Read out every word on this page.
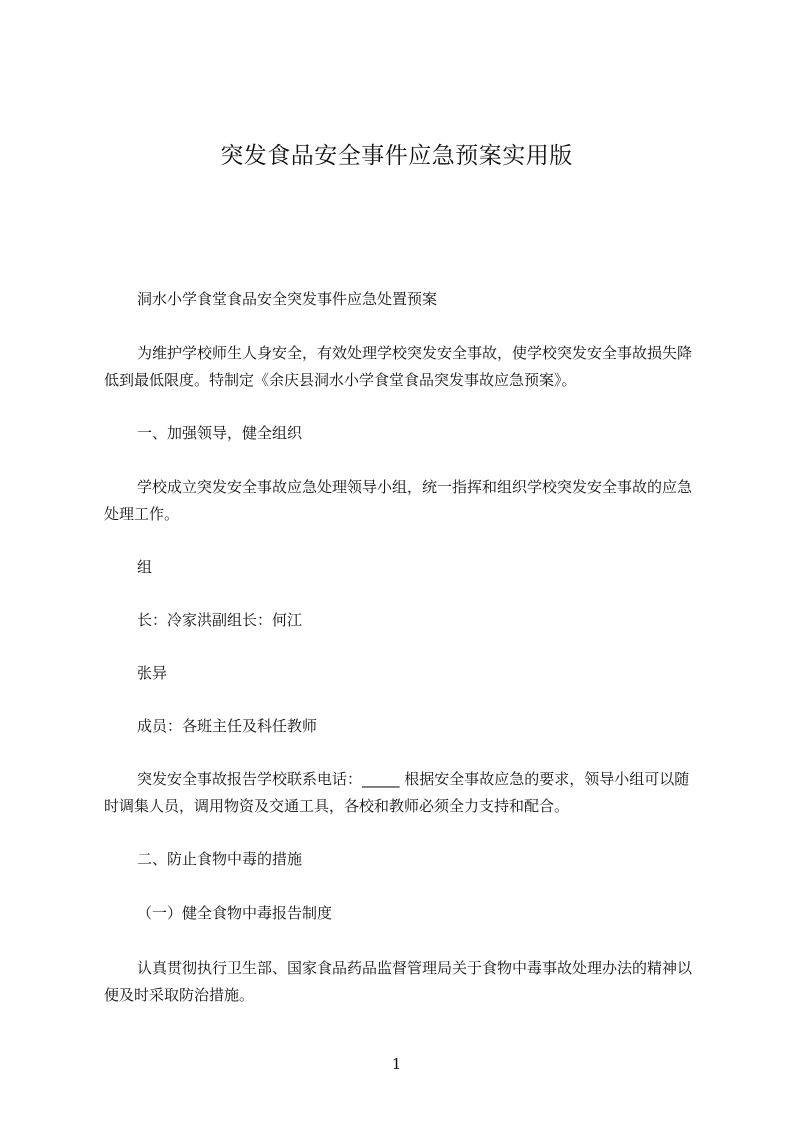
突发食品安全事件应急预案实用版

洞水小学食堂食品安全突发事件应急处置预案

为维护学校师生人身安全，有效处理学校突发安全事故，使学校突发安全事故损失降低到最低限度。特制定《余庆县洞水小学食堂食品突发事故应急预案》。

一、加强领导，健全组织

学校成立突发安全事故应急处理领导小组，统一指挥和组织学校突发安全事故的应急处理工作。

组

长：冷家洪副组长：何江

张异

成员：各班主任及科任教师

突发安全事故报告学校联系电话：_____ 根据安全事故应急的要求，领导小组可以随时调集人员，调用物资及交通工具，各校和教师必须全力支持和配合。

二、防止食物中毒的措施

（一）健全食物中毒报告制度

认真贯彻执行卫生部、国家食品药品监督管理局关于食物中毒事故处理办法的精神以便及时采取防治措施。

1
